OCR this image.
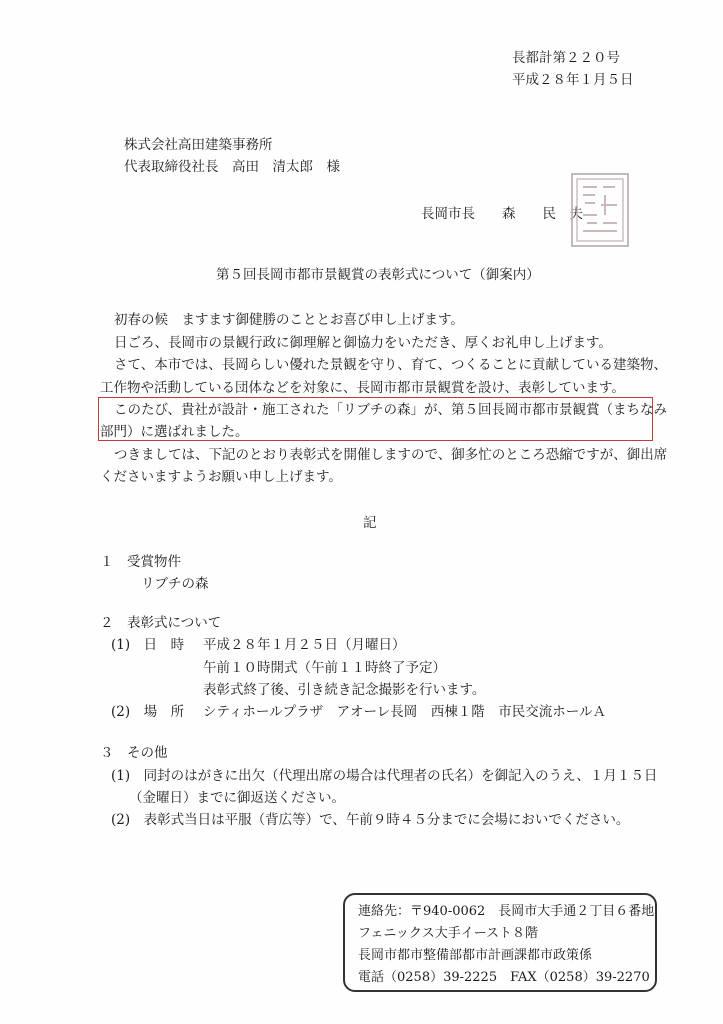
長都計第２２０号
平成２８年１月５日
株式会社高田建築事務所
代表取締役社長　高田　清太郎　様
長岡市長　　森　　民　夫
第５回長岡市都市景観賞の表彰式について（御案内）
初春の候　ますます御健勝のこととお喜び申し上げます。
日ごろ、長岡市の景観行政に御理解と御協力をいただき、厚くお礼申し上げます。
さて、本市では、長岡らしい優れた景観を守り、育て、つくることに貢献している建築物、
工作物や活動している団体などを対象に、長岡市都市景観賞を設け、表彰しています。
このたび、貴社が設計・施工された「リブチの森」が、第５回長岡市都市景観賞（まちなみ
部門）に選ばれました。
つきましては、下記のとおり表彰式を開催しますので、御多忙のところ恐縮ですが、御出席
くださいますようお願い申し上げます。
記
１　受賞物件
リブチの森
２　表彰式について
(1)　日　時 平成２８年１月２５日（月曜日）
午前１０時開式（午前１１時終了予定）
表彰式終了後、引き続き記念撮影を行います。
(2)　場　所 シティホールプラザ　アオーレ長岡　西棟１階　市民交流ホールＡ
３　その他
(1)　同封のはがきに出欠（代理出席の場合は代理者の氏名）を御記入のうえ、１月１５日
（金曜日）までに御返送ください。
(2)　表彰式当日は平服（背広等）で、午前９時４５分までに会場においでください。
連絡先：〒940-0062　長岡市大手通２丁目６番地
フェニックス大手イースト８階
長岡市都市整備部都市計画課都市政策係
電話（0258）39-2225　FAX（0258）39-2270
